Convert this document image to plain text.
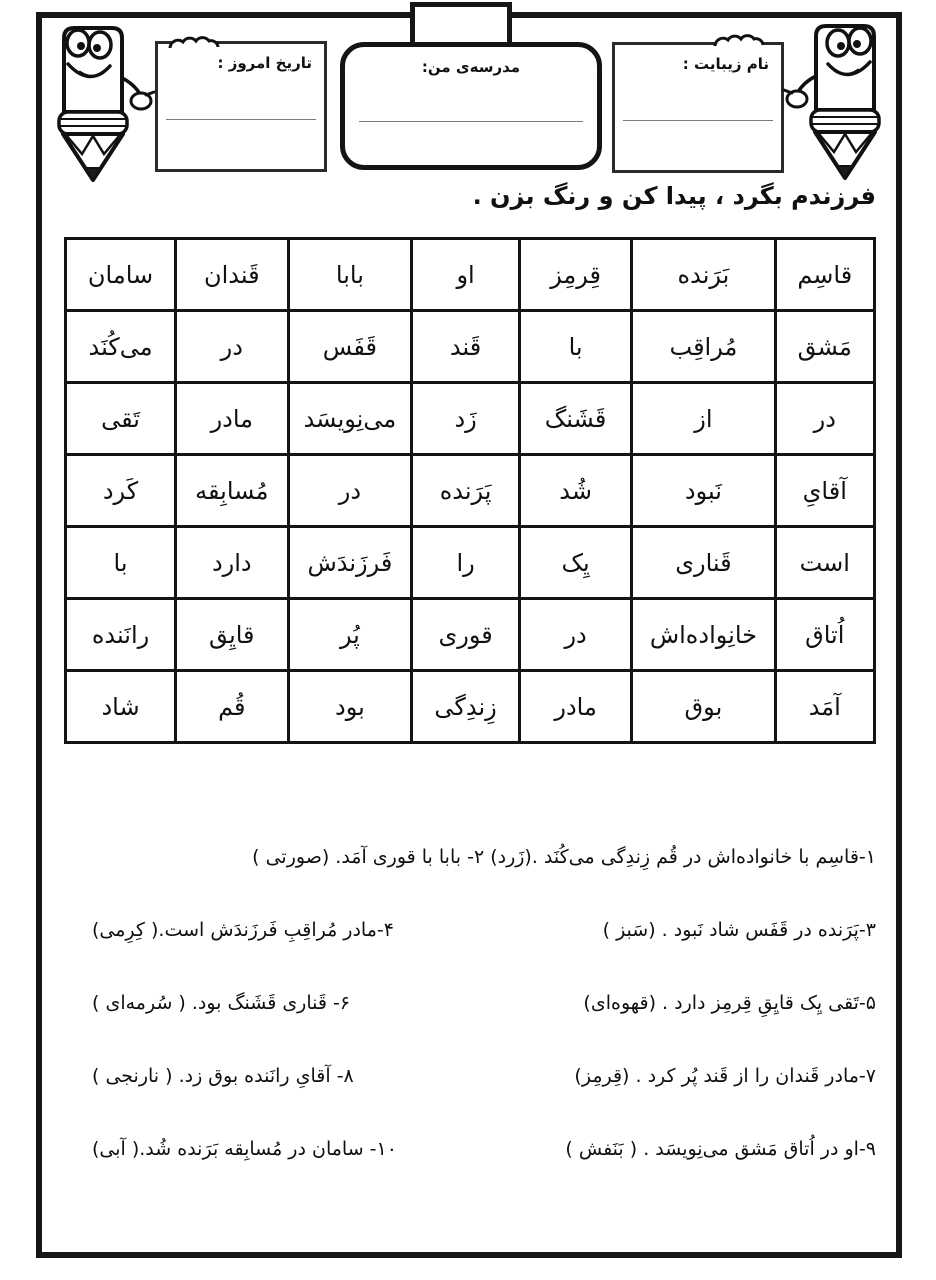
نام زیبایت :
مدرسه‌ی من:
تاریخ امروز :
فرزندم بگرد ، پیدا کن و رنگ بزن .
قاسِم	بَرَنده	قِرمِز	او	بابا	قَندان	سامان
مَشق	مُراقِب	با	قَند	قَفَس	در	می‌کُنَد
در	از	قَشَنگ	زَد	می‌نِویسَد	مادر	تَقی
آقایِ	نَبود	شُد	پَرَنده	در	مُسابِقه	کَرد
است	قَناری	یِک	را	فَرزَندَش	دارد	با
اُتاق	خانِواده‌اش	در	قوری	پُر	قایِق	رانَنده
آمَد	بوق	مادر	زِندِگی	بود	قُم	شاد
۱-قاسِم با خانواده‌اش در قُم زِندِگی می‌کُنَد .(زَرد) ۲- بابا با قوری آمَد. (صورتی )
۳-پَرَنده در قَفَس شاد نَبود . (سَبز )
۴-مادر مُراقِبِ فَرزَندَش است.( کِرِمی)
۵-تَقی یِک قایِقِ قِرمِز دارد . (قهوه‌ای)
۶- قَناری قَشَنگ بود. ( سُرمه‌ای )
۷-مادر قَندان را از قَند پُر کرد . (قِرمِز)
۸- آقایِ رانَنده بوق زد. ( نارنجی )
۹-او در اُتاق مَشق می‌نِویسَد . ( بَنَفش )
۱۰- سامان در مُسابِقه بَرَنده شُد.( آبی)
